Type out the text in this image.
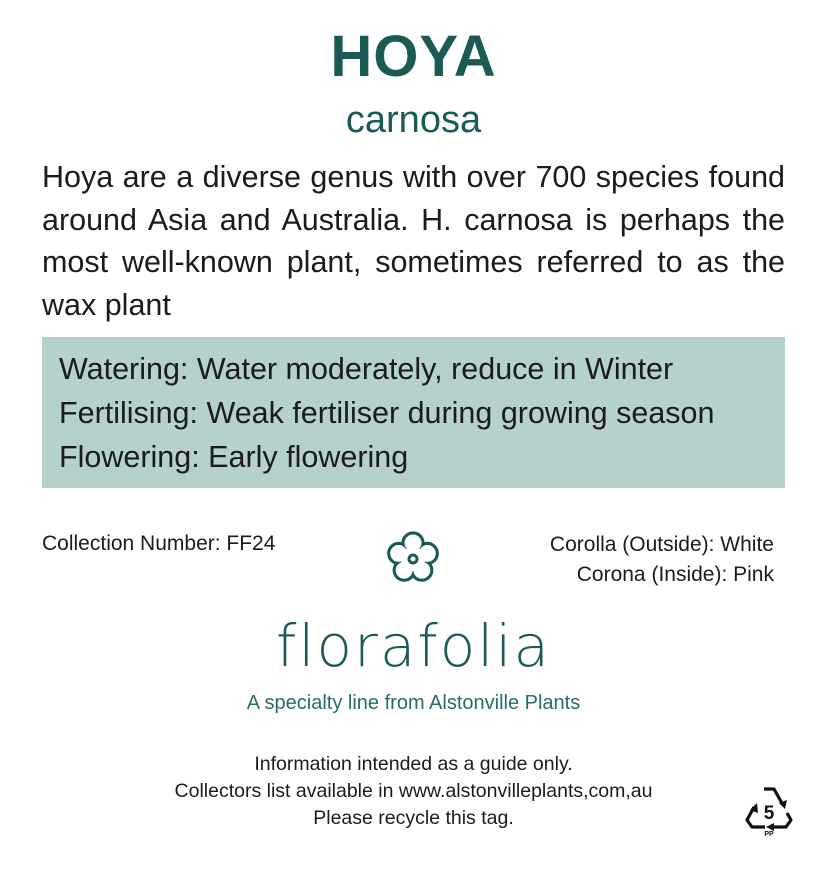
HOYA
carnosa
Hoya are a diverse genus with over 700 species found around Asia and Australia. H. carnosa is perhaps the most well-known plant, sometimes referred to as the wax plant
Watering: Water moderately, reduce in Winter
Fertilising: Weak fertiliser during growing season
Flowering: Early flowering
Collection Number: FF24	Corolla (Outside): White
Corona (Inside): Pink
florafolia
A specialty line from Alstonville Plants
Information intended as a guide only.
Collectors list available in www.alstonvilleplants,com,au
Please recycle this tag.	5
PP
